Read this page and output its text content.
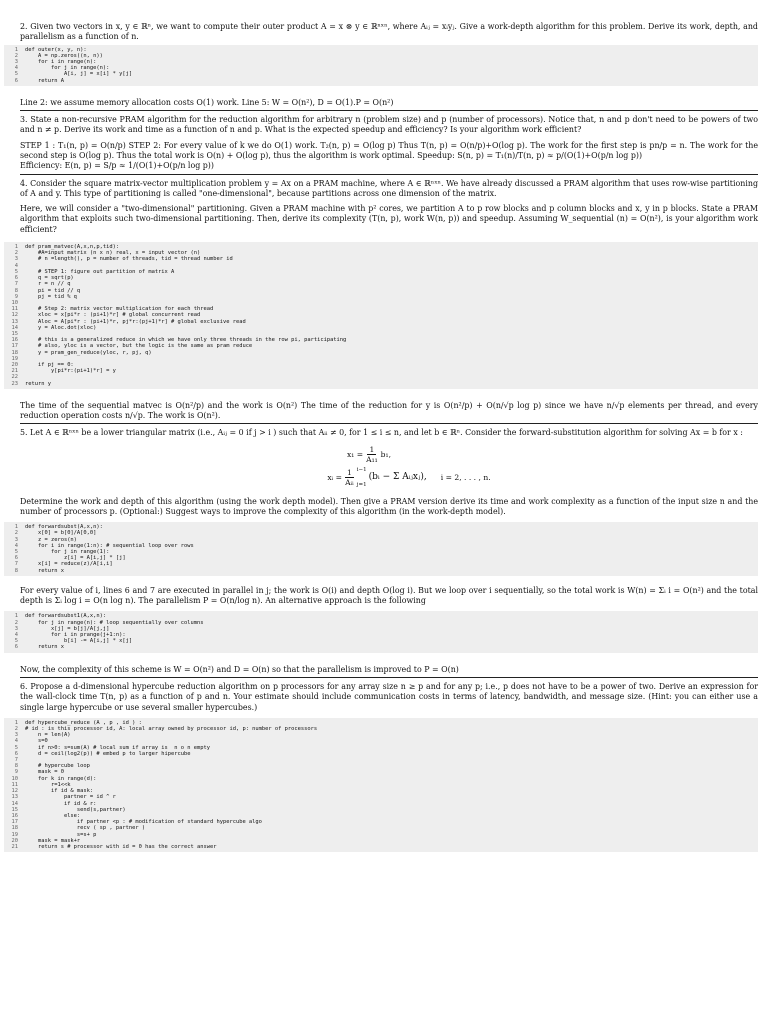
2. Given two vectors in x, y ∈ ℝⁿ, we want to compute their outer product A = x ⊗ y ∈ ℝⁿˣⁿ, where Aᵢⱼ = xᵢyⱼ. Give a work-depth algorithm for this problem. Derive its work, depth, and parallelism as a function of n.

1 def outer(x, y, n):
2 A = np.zeros((n, n))
3 for i in range(n):
4 for j in range(n):
5 A[i, j] = x[i] * y[j]
6 return A

Line 2: we assume memory allocation costs O(1) work. Line 5: W = O(n²), D = O(1).P = O(n²)

3. State a non-recursive PRAM algorithm for the reduction algorithm for arbitrary n (problem size) and p (number of processors). Notice that, n and p don't need to be powers of two and n ≠ p. Derive its work and time as a function of n and p. What is the expected speedup and efficiency? Is your algorithm work efficient?

STEP 1 : T₁(n, p) = O(n/p) STEP 2: For every value of k we do O(1) work. T₂(n, p) = O(log p) Thus T(n, p) = O(n/p)+O(log p). The work for the first step is pn/p = n. The work for the second step is O(log p). Thus the total work is O(n) + O(log p), thus the algorithm is work optimal. Speedup: S(n, p) = T₁(n)/T(n, p) ≈ p/(O(1)+O(p/n log p))

Efficiency: E(n, p) = S/p ≈ 1/(O(1)+O(p/n log p))

4. Consider the square matrix-vector multiplication problem y = Ax on a PRAM machine, where A ∈ ℝⁿˣⁿ. We have already discussed a PRAM algorithm that uses row-wise partitioning of A and y. This type of partitioning is called "one-dimensional", because partitions across one dimension of the matrix.

Here, we will consider a "two-dimensional" partitioning. Given a PRAM machine with p² cores, we partition A to p row blocks and p column blocks and x, y in p blocks. State a PRAM algorithm that exploits such two-dimensional partitioning. Then, derive its complexity (T(n, p), work W(n, p)) and speedup. Assuming W_sequential (n) = O(n²), is your algorithm work efficient?

1 def pram_matvec(A,x,n,p,tid):
2 #A=input matrix (n x n) real, x = input vector (n)
3 # n =length(), p = number of threads, tid = thread number id
4
5 # STEP 1: figure out partition of matrix A
6 q = sqrt(p)
7 r = n // q
8 pi = tid // q
9 pj = tid % q
10
11 # Step 2: matrix vector multiplication for each thread
12 xloc = x[pi*r : (pi+1)*r] # global concurrent read
13 Aloc = A[pi*r : (pi+1)*r, pj*r:(pj+1)*r] # global exclusive read
14 y = Aloc.dot(xloc)
15
16 # this is a generalized reduce in which we have only three threads in the row pi, participating
17 # also, yloc is a vector, but the logic is the same as pram reduce
18 y = pram_gen_reduce(yloc, r, pj, q)
19
20 if pj == 0:
21 y[pi*r:(pi+1)*r] = y
22
23 return y

The time of the sequential matvec is O(n²/p) and the work is O(n²) The time of the reduction for y is O(n²/p) + O(n/√p log p) since we have n/√p elements per thread, and every reduction operation costs n/√p. The work is O(n²).

5. Let A ∈ ℝⁿˣⁿ be a lower triangular matrix (i.e., Aᵢⱼ = 0 if j > i ) such that Aᵢᵢ ≠ 0, for 1 ≤ i ≤ n, and let b ∈ ℝⁿ. Consider the forward-substitution algorithm for solving Ax = b for x :

$x_1 = \frac{1}{\text{A₁₁}} b_1$,
xᵢ =
1
Aᵢᵢ
i−1
j=1
(bᵢ − Σ Aᵢⱼxⱼ), i = 2, . . . , n.

Determine the work and depth of this algorithm (using the work depth model). Then give a PRAM version derive its time and work complexity as a function of the input size n and the number of processors p. (Optional:) Suggest ways to improve the complexity of this algorithm (in the work-depth model).

1 def forwardsubst(A,x,n):
2 x[0] = b[0]/A[0,0]
3 z = zeros(n)
4 for i in range(1:n): # sequential loop over rows
5 for j in range(1):
6 z[i] = A[i,j] * [j]
7 x[i] = reduce(z)/A[i,i]
8 return x

For every value of i, lines 6 and 7 are executed in parallel in j; the work is O(i) and depth O(log i). But we loop over i sequentially, so the total work is W(n) = Σᵢ i = O(n²) and the total depth is Σᵢ log i = O(n log n). The parallelism P = O(n/log n). An alternative approach is the following

1 def forwardsubst1(A,x,n):
2 for j in range(n): # loop sequentially over columns
3 x[j] = b[j]/A[j,j]
4 for i in prange(j+1:n):
5 b[i] -= A[i,j] * x[j]
6 return x

Now, the complexity of this scheme is W = O(n²) and D = O(n) so that the parallelism is improved to P = O(n)

6. Propose a d-dimensional hypercube reduction algorithm on p processors for any array size n ≥ p and for any p; i.e., p does not have to be a power of two. Derive an expression for the wall-clock time T(n, p) as a function of p and n. Your estimate should include communication costs in terms of latency, bandwidth, and message size. (Hint: you can either use a single large hypercube or use several smaller hypercubes.)

1 def hypercube_reduce (A , p , id ) :
2 # id : is this processor id, A: local array owned by processor id, p: number of processors
3 n = len(A)
4 s=0
5 if n>0: s=sum(A) # local sum if array is  n o n empty
6 d = ceil(log2(p)) # embed p to larger hipercube
7
8 # hypercube loop
9 mask = 0
10 for k in range(d):
11 r=1<<k
12 if id & mask:
13 partner = id ^ r
14 if id & r:
15 send(s,partner)
16 else:
17 if partner <p : # modification of standard hypercube algo
18 recv ( sp , partner )
19 s=s+ p
20 mask = mask+r
21 return s # processor with id = 0 has the correct answer
